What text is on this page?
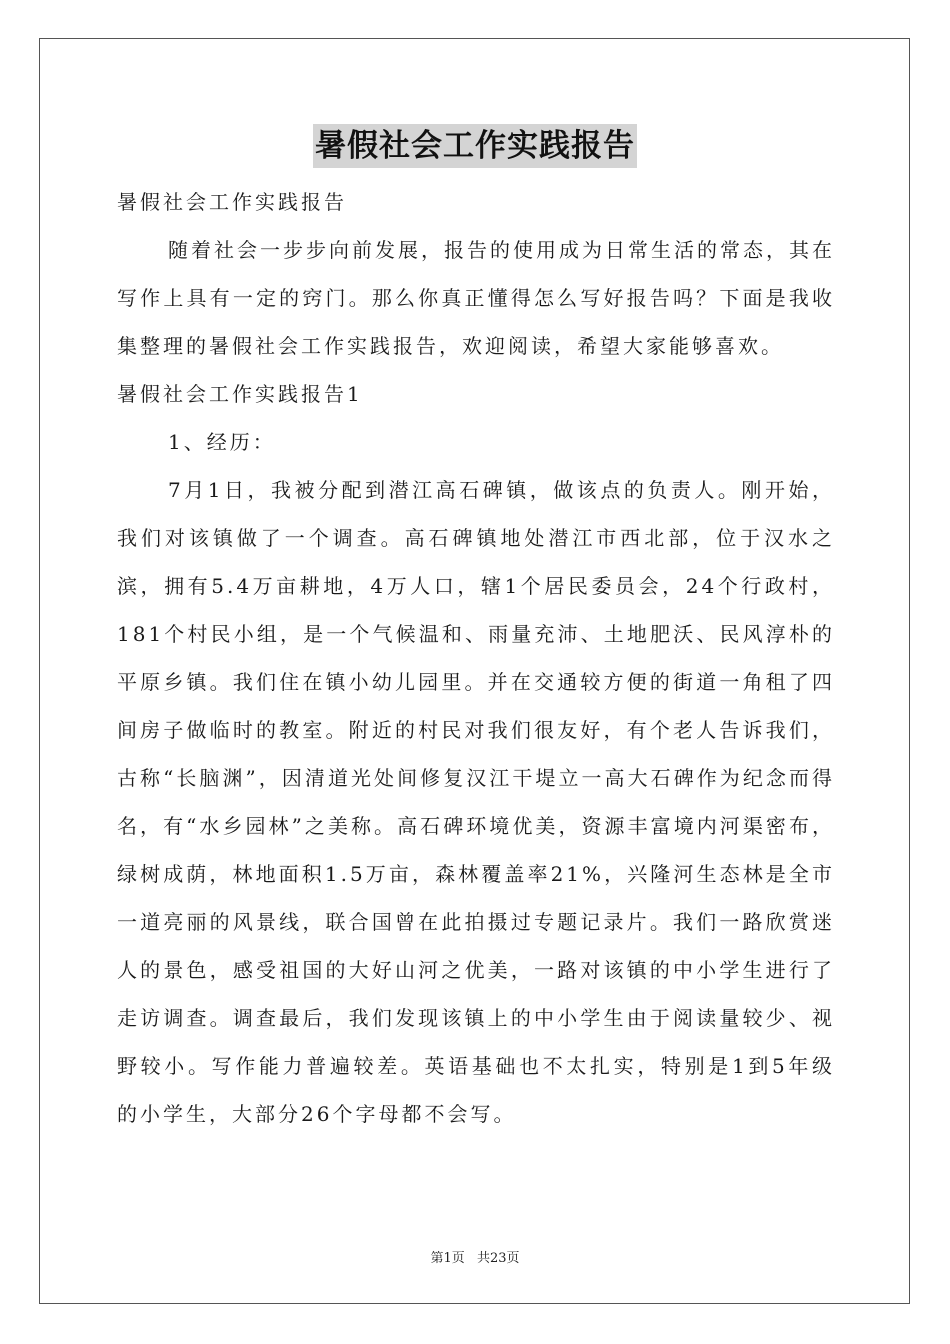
暑假社会工作实践报告
暑假社会工作实践报告

随着社会一步步向前发展，报告的使用成为日常生活的常态，其在写作上具有一定的窍门。那么你真正懂得怎么写好报告吗？下面是我收集整理的暑假社会工作实践报告，欢迎阅读，希望大家能够喜欢。

暑假社会工作实践报告1
1、经历：

7月1日，我被分配到潜江高石碑镇，做该点的负责人。刚开始，我们对该镇做了一个调查。高石碑镇地处潜江市西北部，位于汉水之滨，拥有5.4万亩耕地，4万人口，辖1个居民委员会，24个行政村，181个村民小组，是一个气候温和、雨量充沛、土地肥沃、民风淳朴的平原乡镇。我们住在镇小幼儿园里。并在交通较方便的街道一角租了四间房子做临时的教室。附近的村民对我们很友好，有个老人告诉我们，古称“长脑渊”，因清道光处间修复汉江干堤立一高大石碑作为纪念而得名，有“水乡园林”之美称。高石碑环境优美，资源丰富境内河渠密布，绿树成荫，林地面积1.5万亩，森林覆盖率21%，兴隆河生态林是全市一道亮丽的风景线，联合国曾在此拍摄过专题记录片。我们一路欣赏迷人的景色，感受祖国的大好山河之优美，一路对该镇的中小学生进行了走访调查。调查最后，我们发现该镇上的中小学生由于阅读量较少、视野较小。写作能力普遍较差。英语基础也不太扎实，特别是1到5年级的小学生，大部分26个字母都不会写。

第1页 共23页
